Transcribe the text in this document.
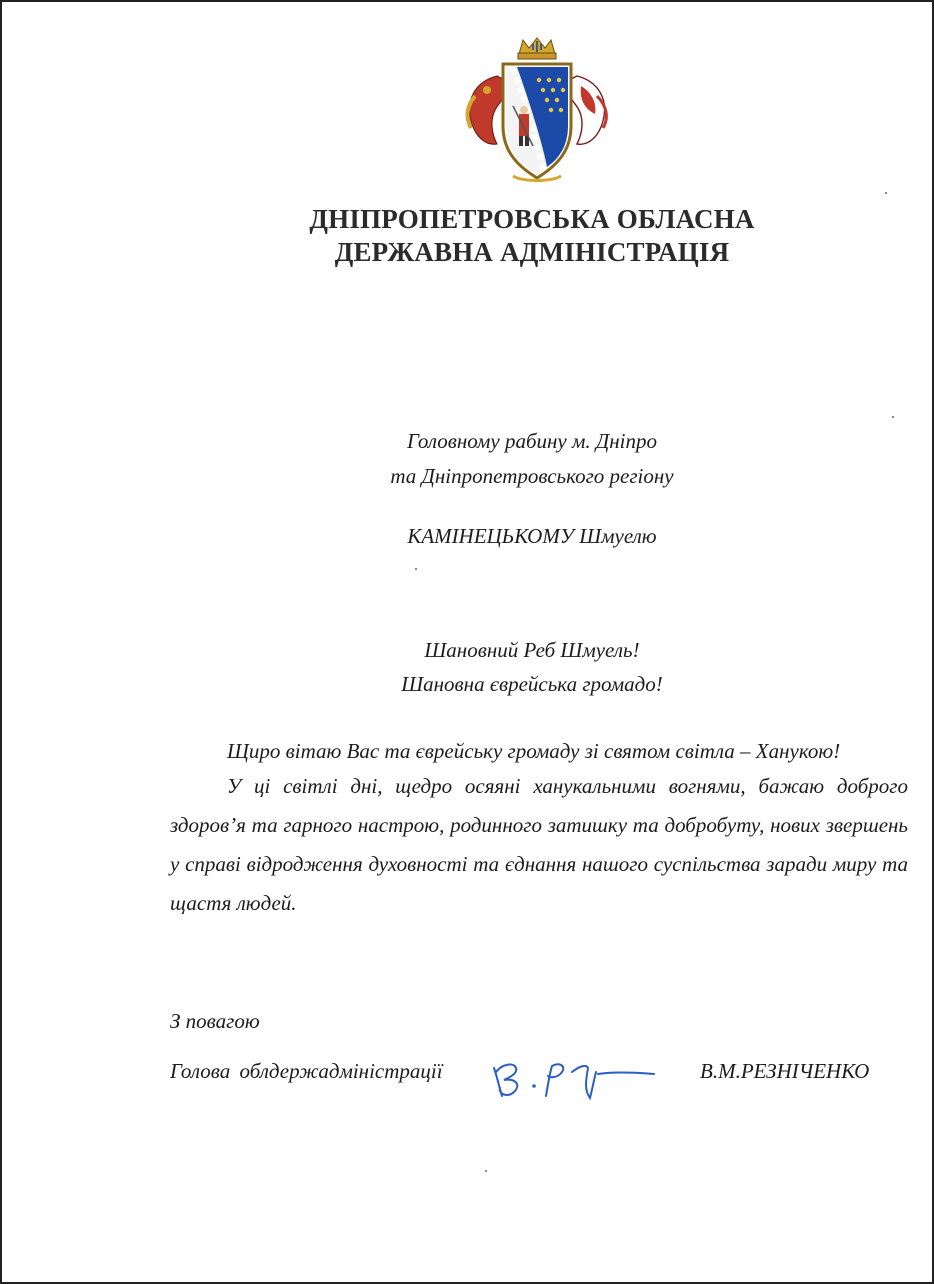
ДНІПРОПЕТРОВСЬКА ОБЛАСНА
ДЕРЖАВНА АДМІНІСТРАЦІЯ
Головному рабину м. Дніпро
та Дніпропетровського регіону
КАМІНЕЦЬКОМУ Шмуелю
Шановний Реб Шмуель!
Шановна єврейська громадо!
Щиро вітаю Вас та єврейську громаду зі святом світла – Ханукою!
У ці світлі дні, щедро осяяні ханукальними вогнями, бажаю доброго здоров’я та гарного настрою, родинного затишку та добробуту, нових звершень у справі відродження духовності та єднання нашого суспільства заради миру та щастя людей.
З повагою
Голова облдержадміністрації	В.М.РЕЗНІЧЕНКО
